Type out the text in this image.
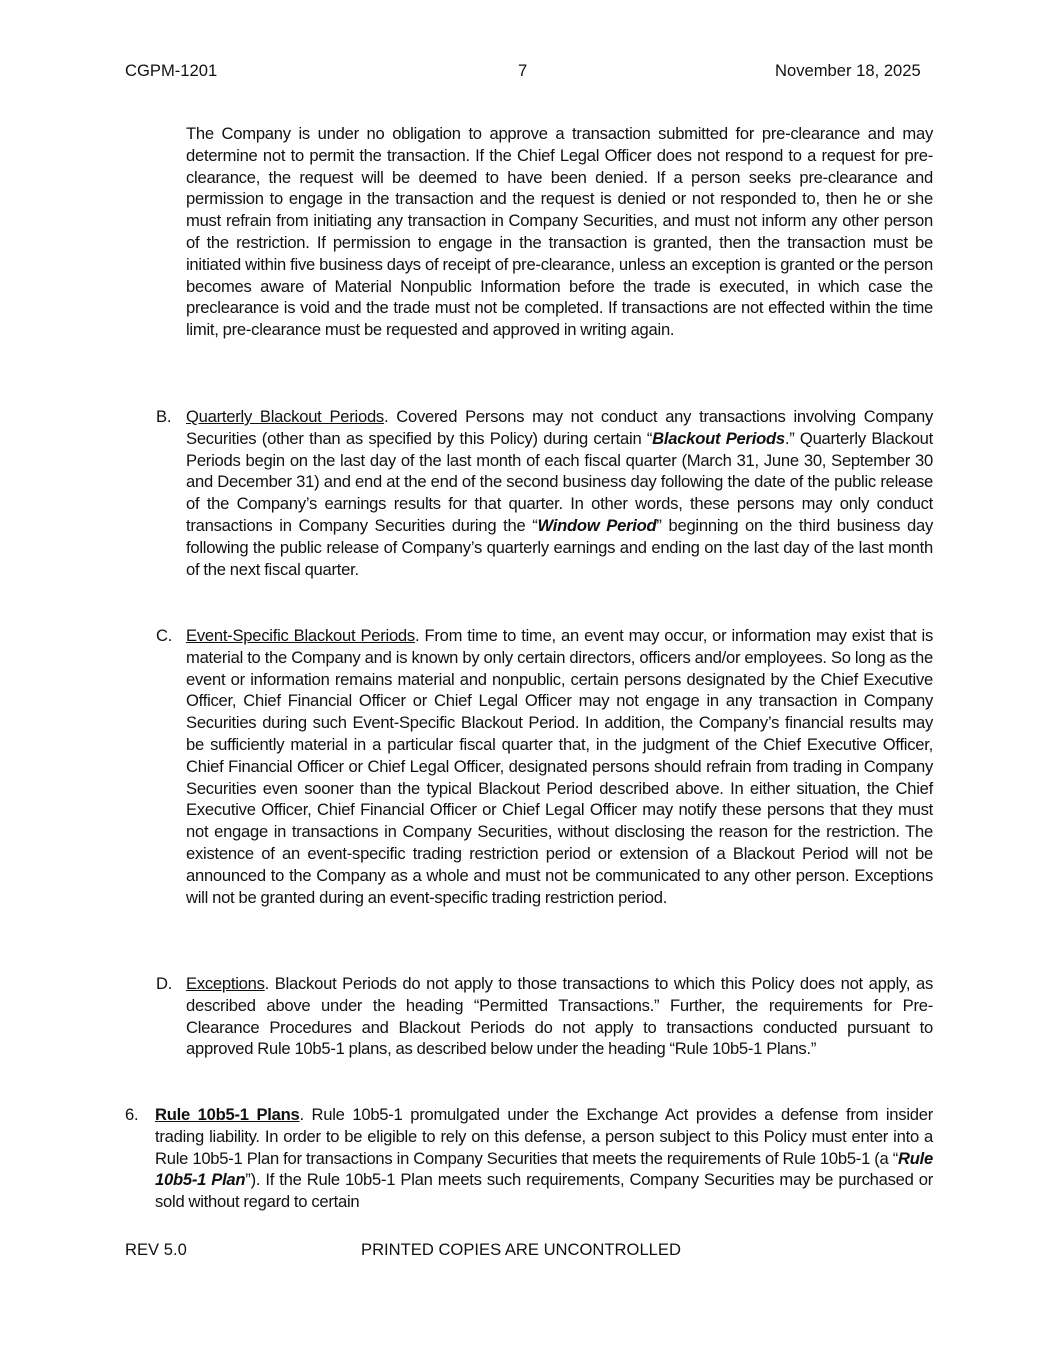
CGPM-1201	7	November 18, 2025
The Company is under no obligation to approve a transaction submitted for pre-clearance and may determine not to permit the transaction. If the Chief Legal Officer does not respond to a request for pre-clearance, the request will be deemed to have been denied. If a person seeks pre-clearance and permission to engage in the transaction and the request is denied or not responded to, then he or she must refrain from initiating any transaction in Company Securities, and must not inform any other person of the restriction. If permission to engage in the transaction is granted, then the transaction must be initiated within five business days of receipt of pre-clearance, unless an exception is granted or the person becomes aware of Material Nonpublic Information before the trade is executed, in which case the preclearance is void and the trade must not be completed. If transactions are not effected within the time limit, pre-clearance must be requested and approved in writing again.
B. Quarterly Blackout Periods. Covered Persons may not conduct any transactions involving Company Securities (other than as specified by this Policy) during certain “Blackout Periods.” Quarterly Blackout Periods begin on the last day of the last month of each fiscal quarter (March 31, June 30, September 30 and December 31) and end at the end of the second business day following the date of the public release of the Company’s earnings results for that quarter. In other words, these persons may only conduct transactions in Company Securities during the “Window Period” beginning on the third business day following the public release of Company’s quarterly earnings and ending on the last day of the last month of the next fiscal quarter.
C. Event-Specific Blackout Periods. From time to time, an event may occur, or information may exist that is material to the Company and is known by only certain directors, officers and/or employees. So long as the event or information remains material and nonpublic, certain persons designated by the Chief Executive Officer, Chief Financial Officer or Chief Legal Officer may not engage in any transaction in Company Securities during such Event-Specific Blackout Period. In addition, the Company’s financial results may be sufficiently material in a particular fiscal quarter that, in the judgment of the Chief Executive Officer, Chief Financial Officer or Chief Legal Officer, designated persons should refrain from trading in Company Securities even sooner than the typical Blackout Period described above. In either situation, the Chief Executive Officer, Chief Financial Officer or Chief Legal Officer may notify these persons that they must not engage in transactions in Company Securities, without disclosing the reason for the restriction. The existence of an event-specific trading restriction period or extension of a Blackout Period will not be announced to the Company as a whole and must not be communicated to any other person. Exceptions will not be granted during an event-specific trading restriction period.
D. Exceptions. Blackout Periods do not apply to those transactions to which this Policy does not apply, as described above under the heading “Permitted Transactions.” Further, the requirements for Pre-Clearance Procedures and Blackout Periods do not apply to transactions conducted pursuant to approved Rule 10b5-1 plans, as described below under the heading “Rule 10b5-1 Plans.”
6. Rule 10b5-1 Plans. Rule 10b5-1 promulgated under the Exchange Act provides a defense from insider trading liability. In order to be eligible to rely on this defense, a person subject to this Policy must enter into a Rule 10b5-1 Plan for transactions in Company Securities that meets the requirements of Rule 10b5-1 (a “Rule 10b5-1 Plan”). If the Rule 10b5-1 Plan meets such requirements, Company Securities may be purchased or sold without regard to certain
REV 5.0	PRINTED COPIES ARE UNCONTROLLED
